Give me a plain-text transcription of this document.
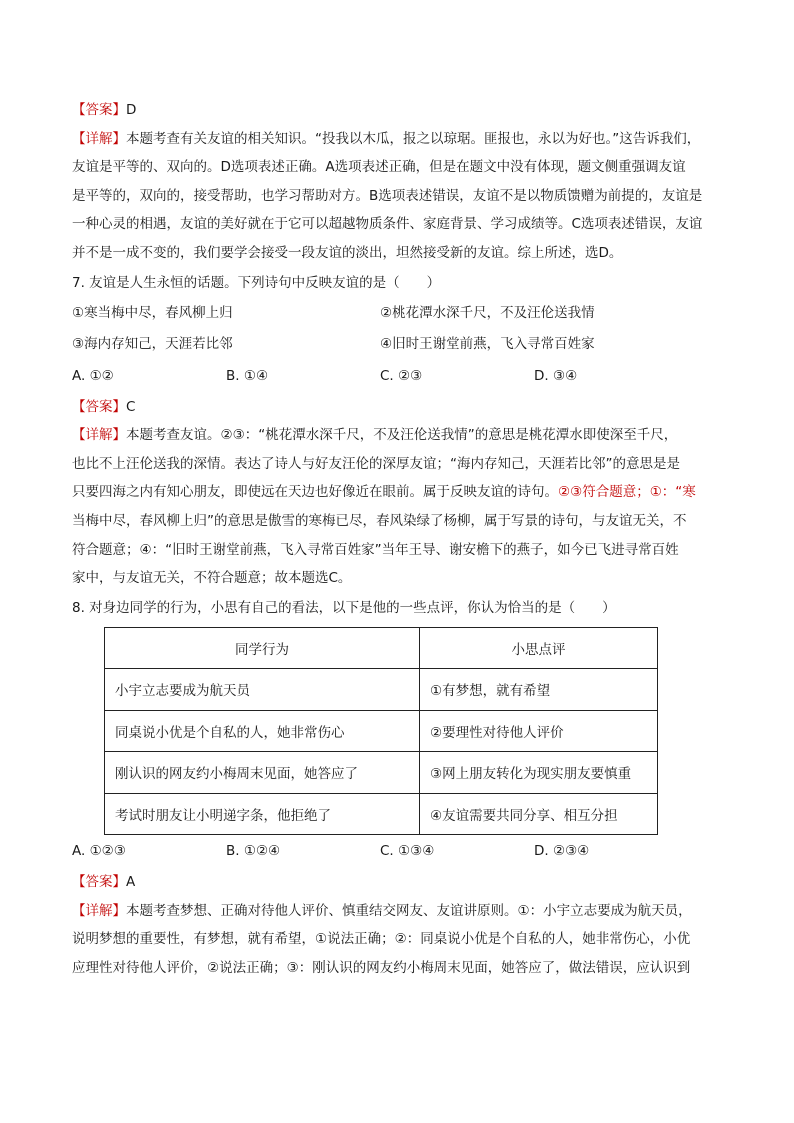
【答案】D
【详解】本题考查有关友谊的相关知识。“投我以木瓜，报之以琼琚。匪报也，永以为好也。”这告诉我们，
友谊是平等的、双向的。D选项表述正确。A选项表述正确，但是在题文中没有体现，题文侧重强调友谊
是平等的，双向的，接受帮助，也学习帮助对方。B选项表述错误，友谊不是以物质馈赠为前提的，友谊是
一种心灵的相遇，友谊的美好就在于它可以超越物质条件、家庭背景、学习成绩等。C选项表述错误，友谊
并不是一成不变的，我们要学会接受一段友谊的淡出，坦然接受新的友谊。综上所述，选D。
7. 友谊是人生永恒的话题。下列诗句中反映友谊的是（　　）
①寒当梅中尽，春风柳上归	②桃花潭水深千尺，不及汪伦送我情
③海内存知己，天涯若比邻	④旧时王谢堂前燕，飞入寻常百姓家
A. ①②	B. ①④	C. ②③	D. ③④
【答案】C
【详解】本题考查友谊。②③：“桃花潭水深千尺，不及汪伦送我情”的意思是桃花潭水即使深至千尺，
也比不上汪伦送我的深情。表达了诗人与好友汪伦的深厚友谊；“海内存知己，天涯若比邻”的意思是是
只要四海之内有知心朋友，即使远在天边也好像近在眼前。属于反映友谊的诗句。②③符合题意；①：“寒
当梅中尽，春风柳上归”的意思是傲雪的寒梅已尽，春风染绿了杨柳，属于写景的诗句，与友谊无关，不
符合题意；④：“旧时王谢堂前燕，飞入寻常百姓家”当年王导、谢安檐下的燕子，如今已飞进寻常百姓
家中，与友谊无关，不符合题意；故本题选C。
8. 对身边同学的行为，小思有自己的看法，以下是他的一些点评，你认为恰当的是（　　）
同学行为	小思点评
小宇立志要成为航天员	①有梦想，就有希望
同桌说小优是个自私的人，她非常伤心	②要理性对待他人评价
刚认识的网友约小梅周末见面，她答应了	③网上朋友转化为现实朋友要慎重
考试时朋友让小明递字条，他拒绝了	④友谊需要共同分享、相互分担
A. ①②③	B. ①②④	C. ①③④	D. ②③④
【答案】A
【详解】本题考查梦想、正确对待他人评价、慎重结交网友、友谊讲原则。①：小宇立志要成为航天员，
说明梦想的重要性，有梦想，就有希望，①说法正确；②：同桌说小优是个自私的人，她非常伤心，小优
应理性对待他人评价，②说法正确；③：刚认识的网友约小梅周末见面，她答应了，做法错误，应认识到
